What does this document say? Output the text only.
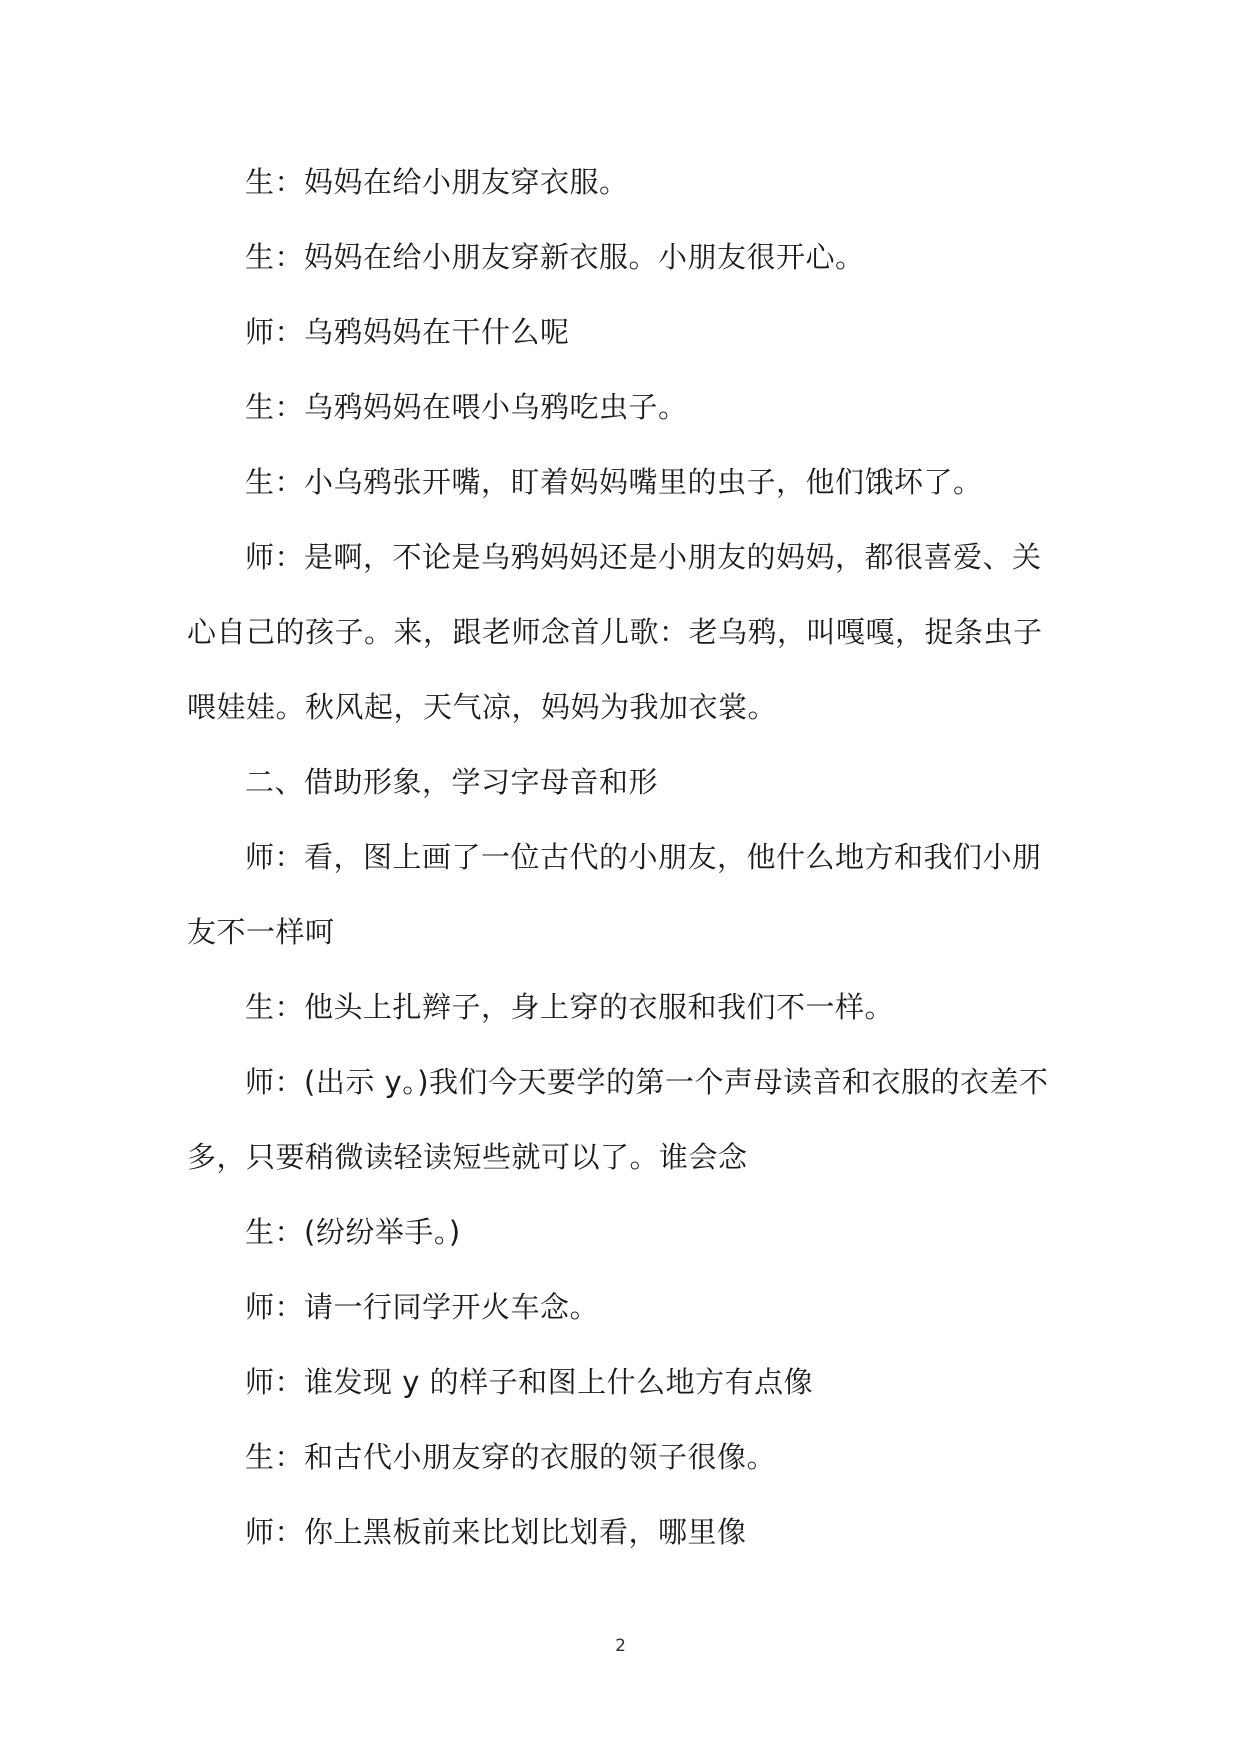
生：妈妈在给小朋友穿衣服。

生：妈妈在给小朋友穿新衣服。小朋友很开心。

师：乌鸦妈妈在干什么呢

生：乌鸦妈妈在喂小乌鸦吃虫子。

生：小乌鸦张开嘴，盯着妈妈嘴里的虫子，他们饿坏了。

师：是啊，不论是乌鸦妈妈还是小朋友的妈妈，都很喜爱、关心自己的孩子。来，跟老师念首儿歌：老乌鸦，叫嘎嘎，捉条虫子喂娃娃。秋风起，天气凉，妈妈为我加衣裳。

二、借助形象，学习字母音和形

师：看，图上画了一位古代的小朋友，他什么地方和我们小朋友不一样呵

生：他头上扎辫子，身上穿的衣服和我们不一样。

师：(出示 y。)我们今天要学的第一个声母读音和衣服的衣差不多，只要稍微读轻读短些就可以了。谁会念

生：(纷纷举手。)

师：请一行同学开火车念。

师：谁发现 y 的样子和图上什么地方有点像

生：和古代小朋友穿的衣服的领子很像。

师：你上黑板前来比划比划看，哪里像

2
